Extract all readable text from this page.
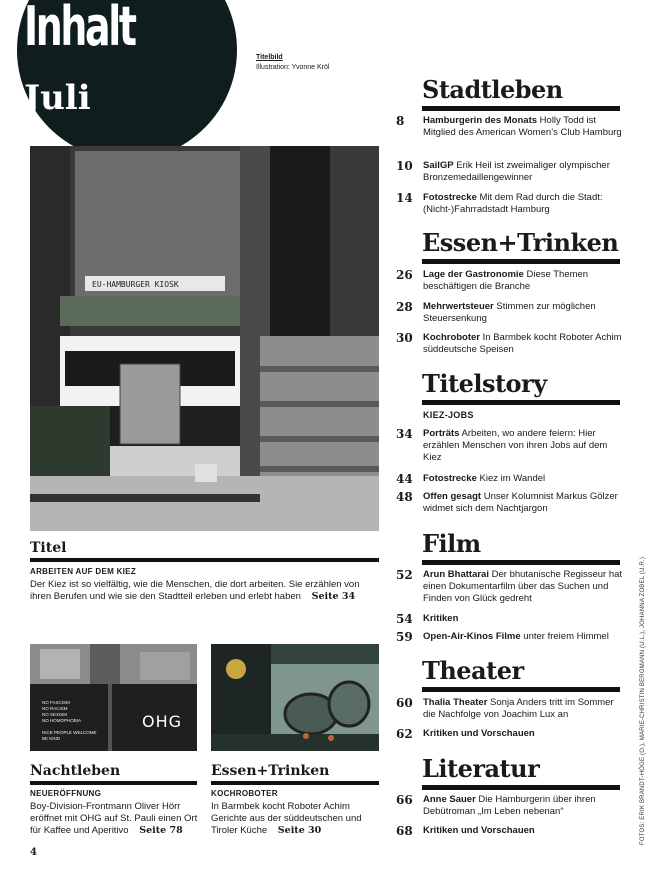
Inhalt
Juli
Titelbild
Illustration: Yvonne Kröl
EU-HAMBURGER KIOSK
Titel
ARBEITEN AUF DEM KIEZ
Der Kiez ist so vielfältig, wie die Menschen, die dort arbeiten. Sie erzählen von ihren Berufen und wie sie den Stadtteil erleben und erlebt haben Seite 34
OHG
NO FASCISM
NO RACISM
NO SEXISM
NO HOMOPHOBIA
NICE PEOPLE WELCOME
BE KIND
Nachtleben
NEUERÖFFNUNG
Boy-Division-Frontmann Oliver Hörr eröffnet mit OHG auf St. Pauli einen Ort für Kaffee und Aperitivo Seite 78
Essen+Trinken
KOCHROBOTER
In Barmbek kocht Roboter Achim Gerichte aus der süddeutschen und Tiroler Küche Seite 30
Stadtleben
8 Hamburgerin des Monats Holly Todd ist Mitglied des American Women’s Club Hamburg
10 SailGP Erik Heil ist zweimaliger olympischer Bronzemedaillengewinner
14 Fotostrecke Mit dem Rad durch die Stadt: (Nicht-)Fahrradstadt Hamburg
Essen+Trinken
26 Lage der Gastronomie Diese Themen beschäftigen die Branche
28 Mehrwertsteuer Stimmen zur möglichen Steuersenkung
30 Kochroboter In Barmbek kocht Roboter Achim süddeutsche Speisen
Titelstory
KIEZ-JOBS
34 Porträts Arbeiten, wo andere feiern: Hier erzählen Menschen von ihren Jobs auf dem Kiez
44 Fotostrecke Kiez im Wandel
48 Offen gesagt Unser Kolumnist Markus Gölzer widmet sich dem Nachtjargon
Film
52 Arun Bhattarai Der bhutanische Regisseur hat einen Dokumentarfilm über das Suchen und Finden von Glück gedreht
54 Kritiken
59 Open-Air-Kinos Filme unter freiem Himmel
Theater
60 Thalia Theater Sonja Anders tritt im Sommer die Nachfolge von Joachim Lux an
62 Kritiken und Vorschauen
Literatur
66 Anne Sauer Die Hamburgerin über ihren Debütroman „Im Leben nebenan“
68 Kritiken und Vorschauen
4
FOTOS: ERIK BRANDT-HÖGE (O.), MARIE-CHRISTIN BERGMANN (U.L.), JOHANNA ZOBEL (U.R.)
